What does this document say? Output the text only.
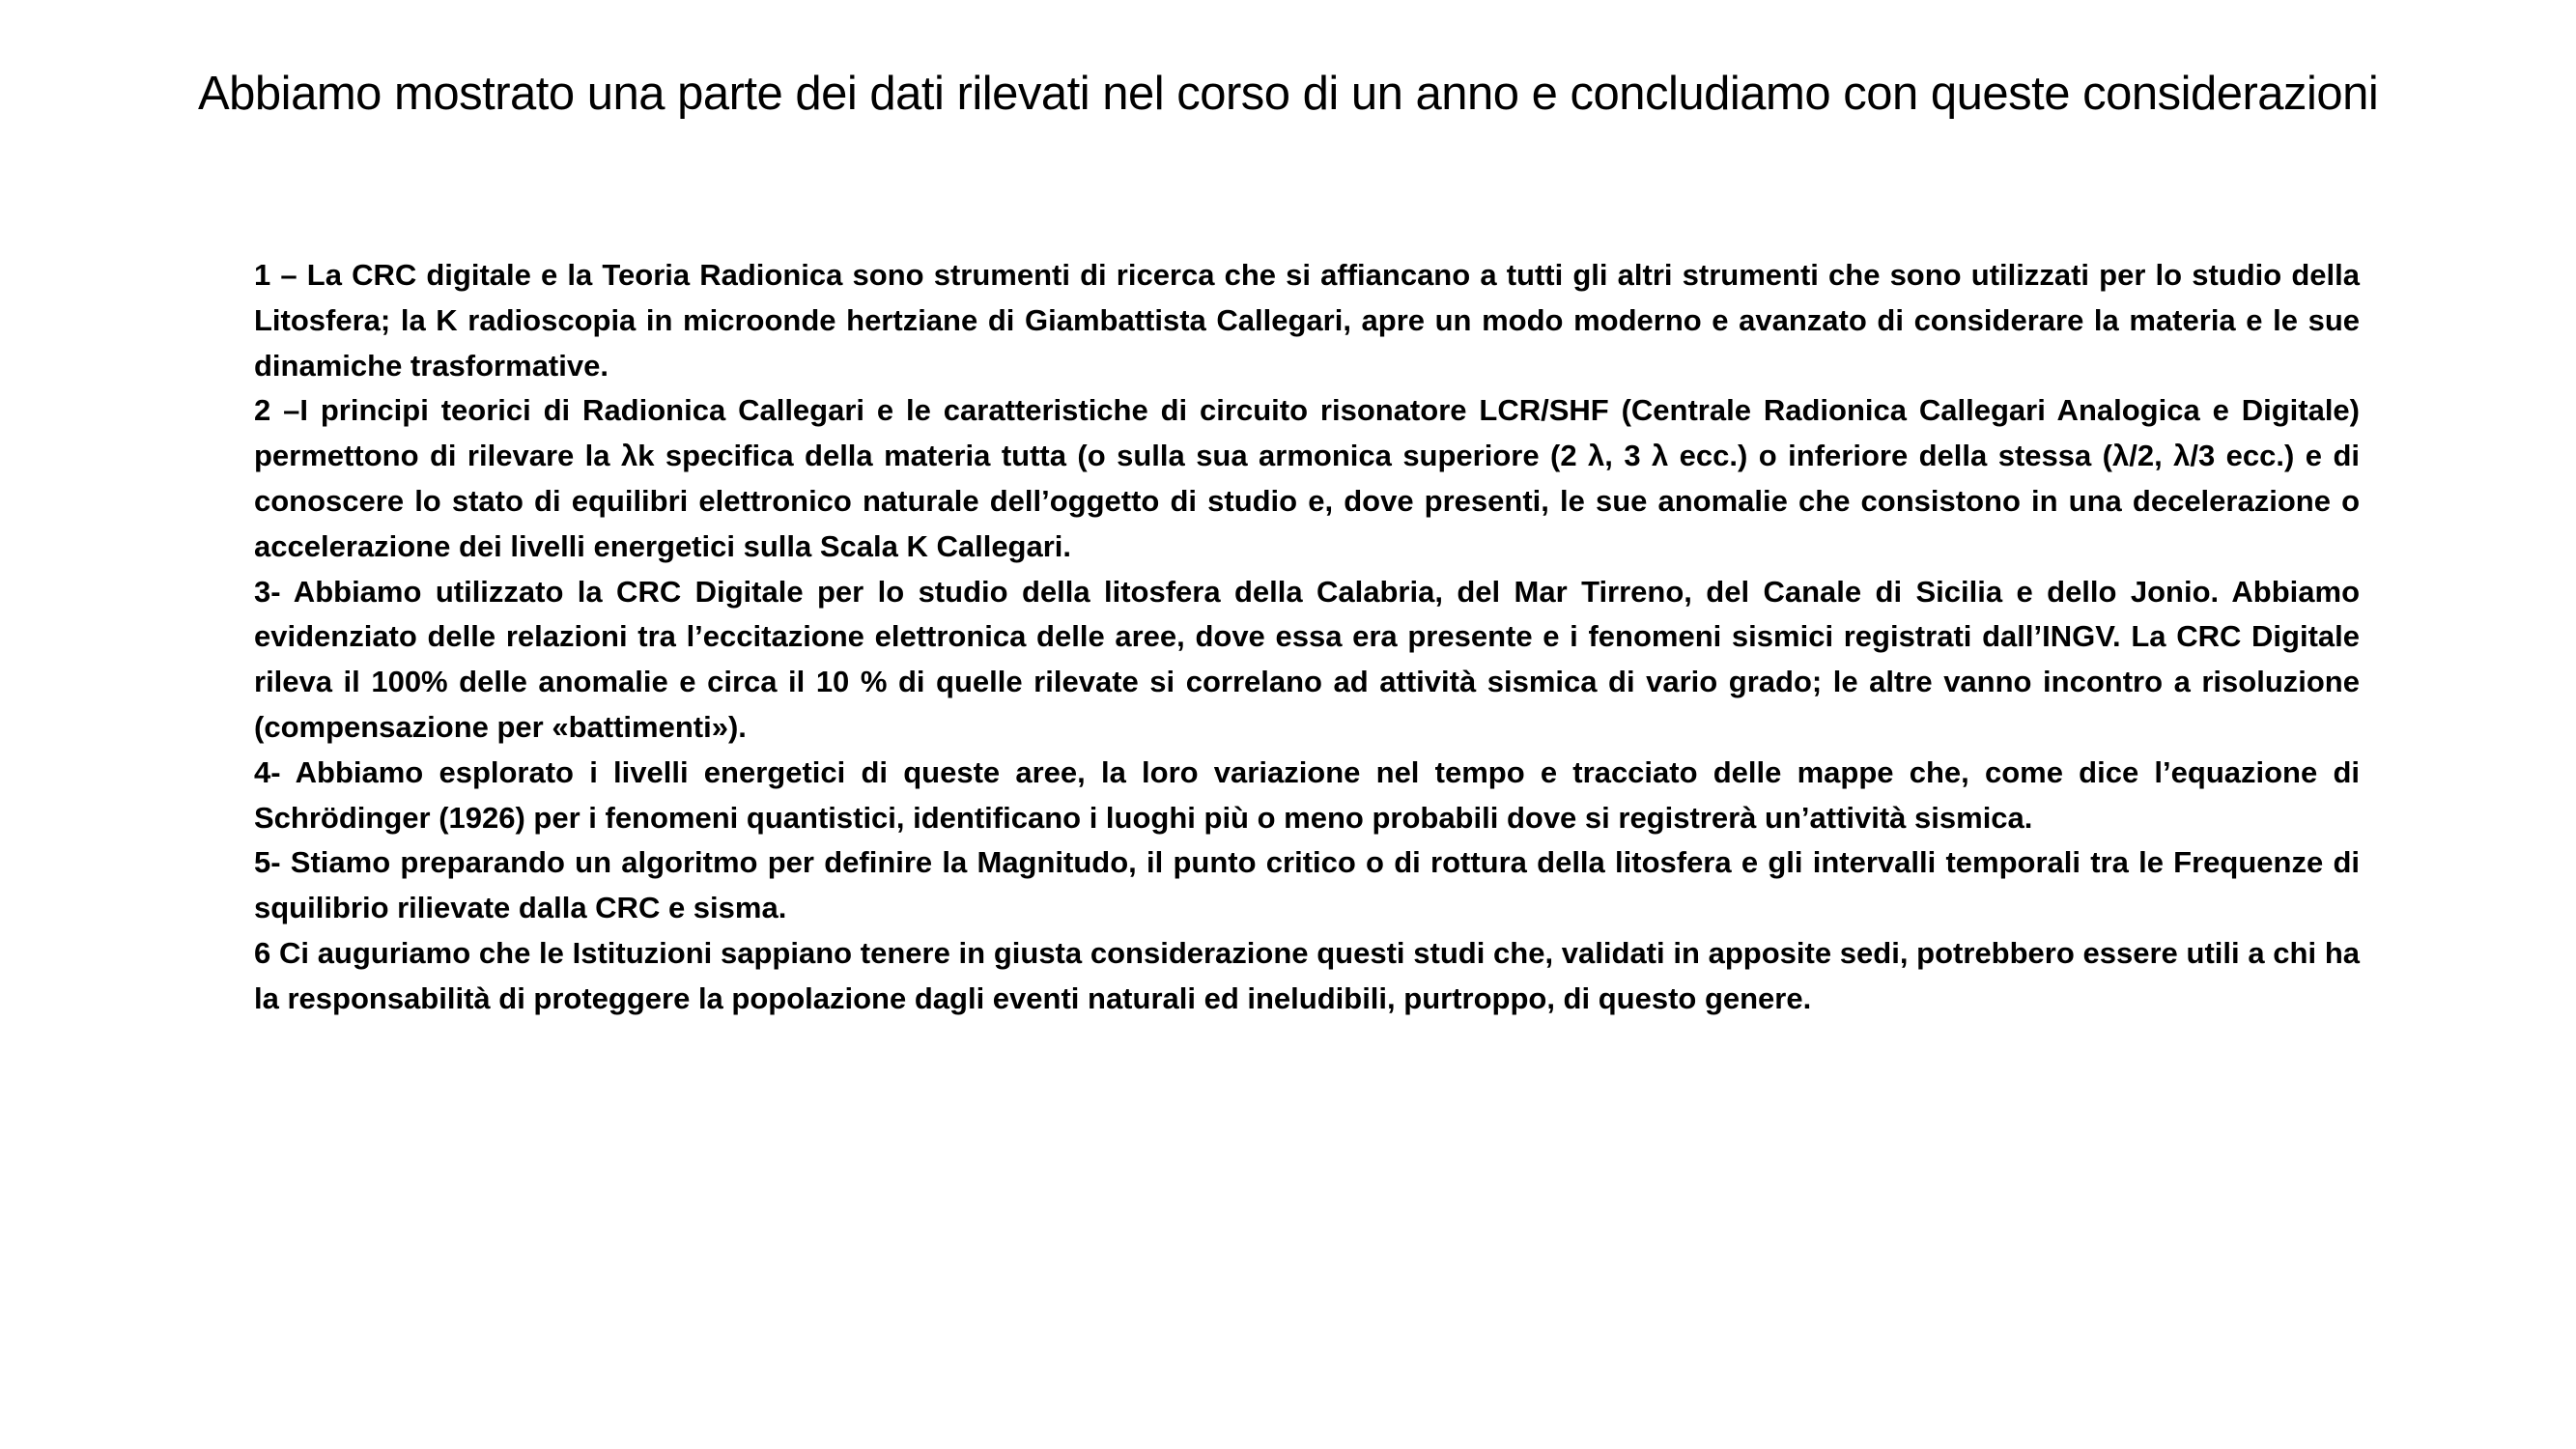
Abbiamo mostrato una parte dei dati rilevati nel corso di un anno e concludiamo con queste considerazioni

1 – La CRC digitale e la Teoria Radionica sono strumenti di ricerca che si affiancano a tutti gli altri strumenti che sono utilizzati per lo studio della Litosfera; la K radioscopia in microonde hertziane di Giambattista Callegari, apre un modo moderno e avanzato di considerare la materia e le sue dinamiche trasformative.

2 –I principi teorici di Radionica Callegari e le caratteristiche di circuito risonatore LCR/SHF (Centrale Radionica Callegari Analogica e Digitale) permettono di rilevare la λk specifica della materia tutta (o sulla sua armonica superiore (2 λ, 3 λ ecc.) o inferiore della stessa (λ/2, λ/3 ecc.) e di conoscere lo stato di equilibri elettronico naturale dell’oggetto di studio e, dove presenti, le sue anomalie che consistono in una decelerazione o accelerazione dei livelli energetici sulla Scala K Callegari.

3- Abbiamo utilizzato la CRC Digitale per lo studio della litosfera della Calabria, del Mar Tirreno, del Canale di Sicilia e dello Jonio. Abbiamo evidenziato delle relazioni tra l’eccitazione elettronica delle aree, dove essa era presente e i fenomeni sismici registrati dall’INGV. La CRC Digitale rileva il 100% delle anomalie e circa il 10 % di quelle rilevate si correlano ad attività sismica di vario grado; le altre vanno incontro a risoluzione (compensazione per «battimenti»).

4- Abbiamo esplorato i livelli energetici di queste aree, la loro variazione nel tempo e tracciato delle mappe che, come dice l’equazione di Schrödinger (1926) per i fenomeni quantistici, identificano i luoghi più o meno probabili dove si registrerà un’attività sismica.

5- Stiamo preparando un algoritmo per definire la Magnitudo, il punto critico o di rottura della litosfera e gli intervalli temporali tra le Frequenze di squilibrio rilievate dalla CRC e sisma.

6 Ci auguriamo che le Istituzioni sappiano tenere in giusta considerazione questi studi che, validati in apposite sedi, potrebbero essere utili a chi ha la responsabilità di proteggere la popolazione dagli eventi naturali ed ineludibili, purtroppo, di questo genere.
